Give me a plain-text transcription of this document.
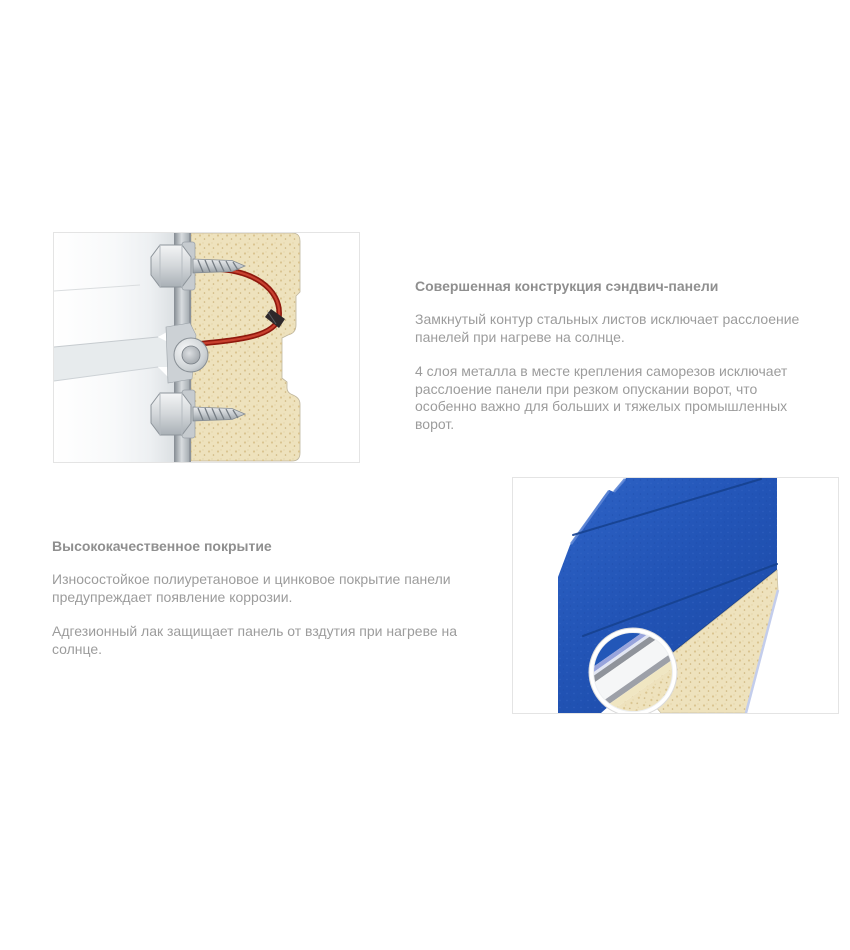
Совершенная конструкция сэндвич-панели

Замкнутый контур стальных листов исключает расслоение панелей при нагреве на солнце.

4 слоя металла в месте крепления саморезов исключает расслоение панели при резком опускании ворот, что особенно важно для больших и тяжелых промышленных ворот.

Высококачественное покрытие

Износостойкое полиуретановое и цинковое покрытие панели предупреждает появление коррозии.

Адгезионный лак защищает панель от вздутия при нагреве на солнце.
